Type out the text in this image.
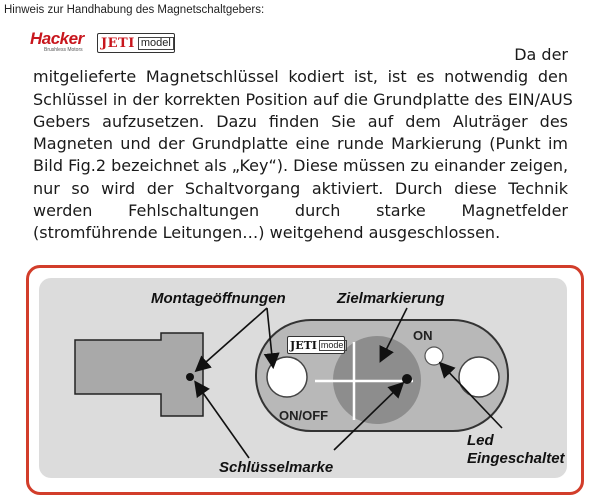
Hinweis zur Handhabung des Magnetschaltgebers:
Hacker
Brushless Motors JETI model
Da der
mitgelieferte Magnetschlüssel kodiert ist, ist es notwendig den
Schlüssel in der korrekten Position auf die Grundplatte des EIN/AUS
Gebers aufzusetzen. Dazu finden Sie auf dem Aluträger des
Magneten und der Grundplatte eine runde Markierung (Punkt im
Bild Fig.2 bezeichnet als „Key“). Diese müssen zu einander zeigen,
nur so wird der Schaltvorgang aktiviert. Durch diese Technik
werden Fehlschaltungen durch starke Magnetfelder
(stromführende Leitungen…) weitgehend ausgeschlossen.
Montageöffnungen	Zielmarkierung
Schlüsselmarke
Led
Eingeschaltet
JETI model
ON
ON/OFF
